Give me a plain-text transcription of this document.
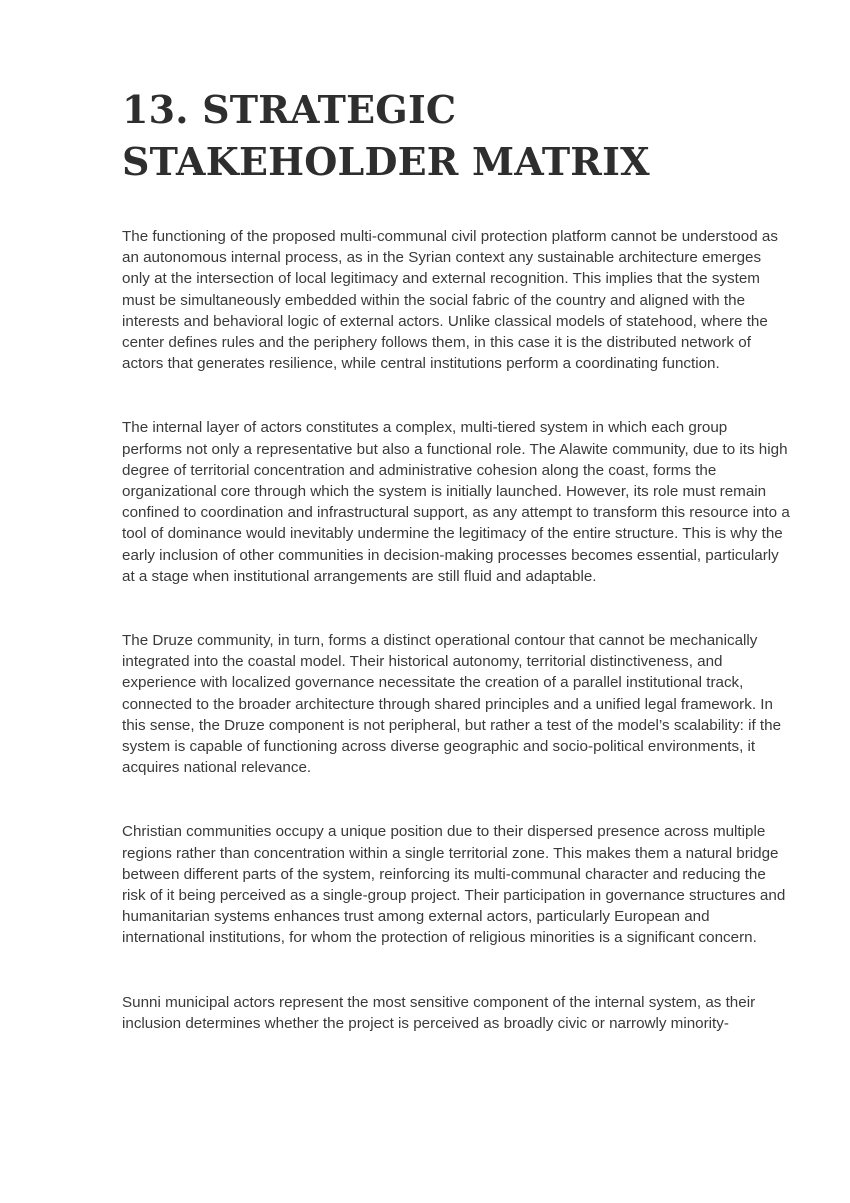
13. STRATEGIC STAKEHOLDER MATRIX

The functioning of the proposed multi-communal civil protection platform cannot be understood as an autonomous internal process, as in the Syrian context any sustainable architecture emerges only at the intersection of local legitimacy and external recognition. This implies that the system must be simultaneously embedded within the social fabric of the country and aligned with the interests and behavioral logic of external actors. Unlike classical models of statehood, where the center defines rules and the periphery follows them, in this case it is the distributed network of actors that generates resilience, while central institutions perform a coordinating function.

The internal layer of actors constitutes a complex, multi-tiered system in which each group performs not only a representative but also a functional role. The Alawite community, due to its high degree of territorial concentration and administrative cohesion along the coast, forms the organizational core through which the system is initially launched. However, its role must remain confined to coordination and infrastructural support, as any attempt to transform this resource into a tool of dominance would inevitably undermine the legitimacy of the entire structure. This is why the early inclusion of other communities in decision-making processes becomes essential, particularly at a stage when institutional arrangements are still fluid and adaptable.

The Druze community, in turn, forms a distinct operational contour that cannot be mechanically integrated into the coastal model. Their historical autonomy, territorial distinctiveness, and experience with localized governance necessitate the creation of a parallel institutional track, connected to the broader architecture through shared principles and a unified legal framework. In this sense, the Druze component is not peripheral, but rather a test of the model’s scalability: if the system is capable of functioning across diverse geographic and socio-political environments, it acquires national relevance.

Christian communities occupy a unique position due to their dispersed presence across multiple regions rather than concentration within a single territorial zone. This makes them a natural bridge between different parts of the system, reinforcing its multi-communal character and reducing the risk of it being perceived as a single-group project. Their participation in governance structures and humanitarian systems enhances trust among external actors, particularly European and international institutions, for whom the protection of religious minorities is a significant concern.

Sunni municipal actors represent the most sensitive component of the internal system, as their inclusion determines whether the project is perceived as broadly civic or narrowly minority-
